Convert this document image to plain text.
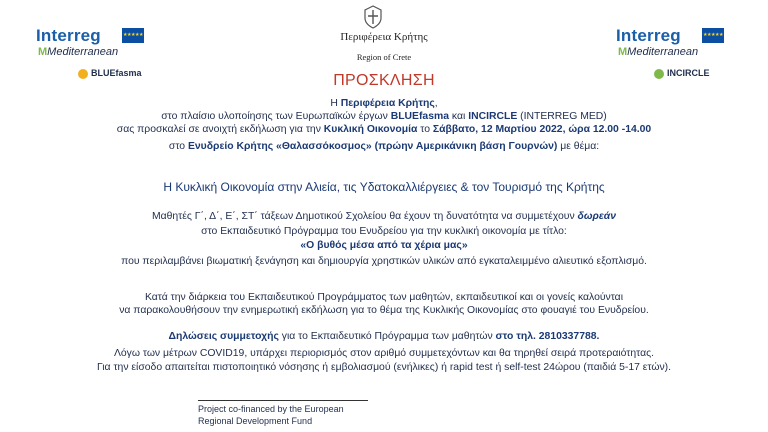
Interreg	★★★★★
MMediterranean
BLUEfasma
Περιφέρεια Κρήτης
Region of Crete
ΠΡΟΣΚΛΗΣΗ
Interreg	★★★★★
MMediterranean
INCIRCLE
Η Περιφέρεια Κρήτης,
στο πλαίσιο υλοποίησης των Ευρωπαϊκών έργων BLUEfasma και INCIRCLE (INTERREG MED)
σας προσκαλεί σε ανοιχτή εκδήλωση για την Κυκλική Οικονομία το Σάββατο, 12 Μαρτίου 2022, ώρα 12.00 -14.00
στο Ενυδρείο Κρήτης «Θαλασσόκοσμος» (πρώην Αμερικάνικη βάση Γουρνών) με θέμα:
Η Κυκλική Οικονομία στην Αλιεία, τις Υδατοκαλλιέργειες & τον Τουρισμό της Κρήτης
Μαθητές Γ΄, Δ΄, Ε΄, ΣΤ΄ τάξεων Δημοτικού Σχολείου θα έχουν τη δυνατότητα να συμμετέχουν δωρεάν
στο Εκπαιδευτικό Πρόγραμμα του Ενυδρείου για την κυκλική οικονομία με τίτλο:
«Ο βυθός μέσα από τα χέρια μας»
που περιλαμβάνει βιωματική ξενάγηση και δημιουργία χρηστικών υλικών από εγκαταλειμμένο αλιευτικό εξοπλισμό.
Κατά την διάρκεια του Εκπαιδευτικού Προγράμματος των μαθητών, εκπαιδευτικοί και οι γονείς καλούνται
να παρακολουθήσουν την ενημερωτική εκδήλωση για το θέμα της Κυκλικής Οικονομίας στο φουαγιέ του Ενυδρείου.
Δηλώσεις συμμετοχής για το Εκπαιδευτικό Πρόγραμμα των μαθητών στο τηλ. 2810337788.
Λόγω των μέτρων COVID19, υπάρχει περιορισμός στον αριθμό συμμετεχόντων και θα τηρηθεί σειρά προτεραιότητας.
Για την είσοδο απαιτείται πιστοποιητικό νόσησης ή εμβολιασμού (ενήλικες) ή rapid test ή self-test 24ώρου (παιδιά 5-17 ετών).
Project co-financed by the European
Regional Development Fund
